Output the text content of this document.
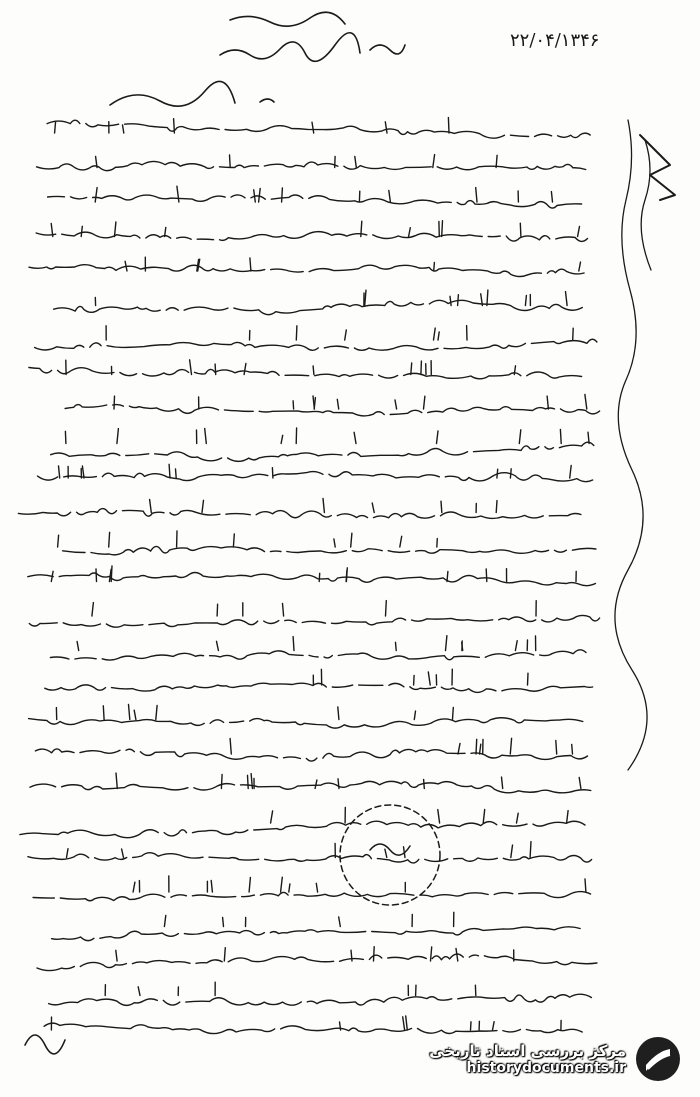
۲۲/۰۴/۱۳۴۶
مرکز بررسی اسناد تاریخی
historydocuments.ir
